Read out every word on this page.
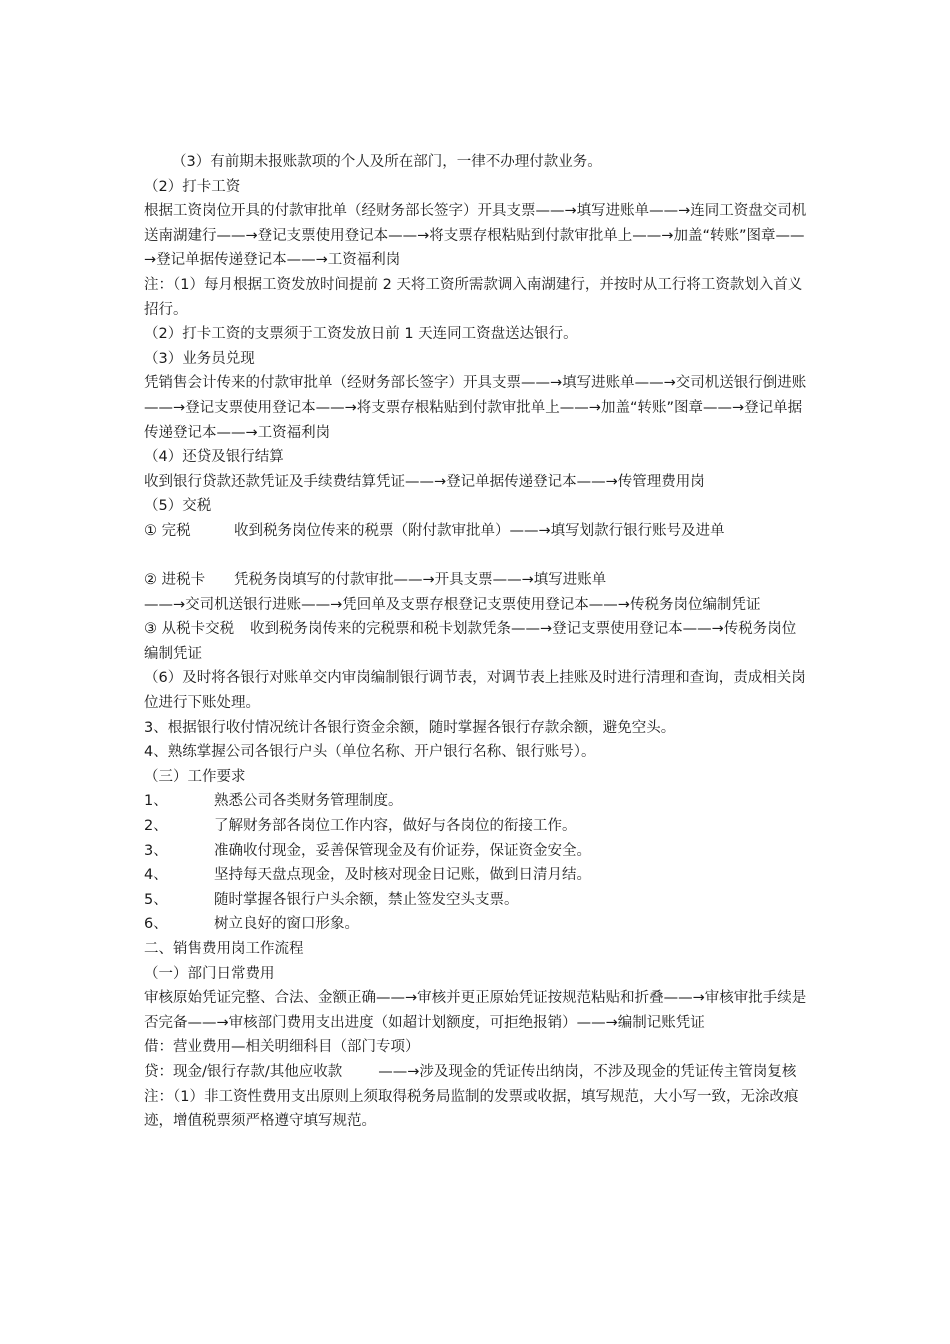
（3）有前期未报账款项的个人及所在部门，一律不办理付款业务。

（2）打卡工资

根据工资岗位开具的付款审批单（经财务部长签字）开具支票——→填写进账单——→连同工资盘交司机送南湖建行——→登记支票使用登记本——→将支票存根粘贴到付款审批单上——→加盖“转账”图章——→登记单据传递登记本——→工资福利岗

注：（1）每月根据工资发放时间提前 2 天将工资所需款调入南湖建行，并按时从工行将工资款划入首义招行。

（2）打卡工资的支票须于工资发放日前 1 天连同工资盘送达银行。

（3）业务员兑现

凭销售会计传来的付款审批单（经财务部长签字）开具支票——→填写进账单——→交司机送银行倒进账——→登记支票使用登记本——→将支票存根粘贴到付款审批单上——→加盖“转账”图章——→登记单据传递登记本——→工资福利岗

（4）还贷及银行结算

收到银行贷款还款凭证及手续费结算凭证——→登记单据传递登记本——→传管理费用岗

（5）交税

① 完税	收到税务岗位传来的税票（附付款审批单）——→填写划款行银行账号及进单

② 进税卡 凭税务岗填写的付款审批——→开具支票——→填写进账单

——→交司机送银行进账——→凭回单及支票存根登记支票使用登记本——→传税务岗位编制凭证

③ 从税卡交税 收到税务岗传来的完税票和税卡划款凭条——→登记支票使用登记本——→传税务岗位编制凭证

（6）及时将各银行对账单交内审岗编制银行调节表，对调节表上挂账及时进行清理和查询，责成相关岗位进行下账处理。

3、根据银行收付情况统计各银行资金余额，随时掌握各银行存款余额，避免空头。

4、熟练掌握公司各银行户头（单位名称、开户银行名称、银行账号）。

（三）工作要求

1、	熟悉公司各类财务管理制度。

2、	了解财务部各岗位工作内容，做好与各岗位的衔接工作。

3、	准确收付现金，妥善保管现金及有价证券，保证资金安全。

4、	坚持每天盘点现金，及时核对现金日记账，做到日清月结。

5、	随时掌握各银行户头余额，禁止签发空头支票。

6、	树立良好的窗口形象。

二、销售费用岗工作流程

（一）部门日常费用

审核原始凭证完整、合法、金额正确——→审核并更正原始凭证按规范粘贴和折叠——→审核审批手续是否完备——→审核部门费用支出进度（如超计划额度，可拒绝报销）——→编制记账凭证

借：营业费用—相关明细科目（部门专项）

贷：现金/银行存款/其他应收款 ——→涉及现金的凭证传出纳岗，不涉及现金的凭证传主管岗复核

注：（1）非工资性费用支出原则上须取得税务局监制的发票或收据，填写规范，大小写一致，无涂改痕迹，增值税票须严格遵守填写规范。
